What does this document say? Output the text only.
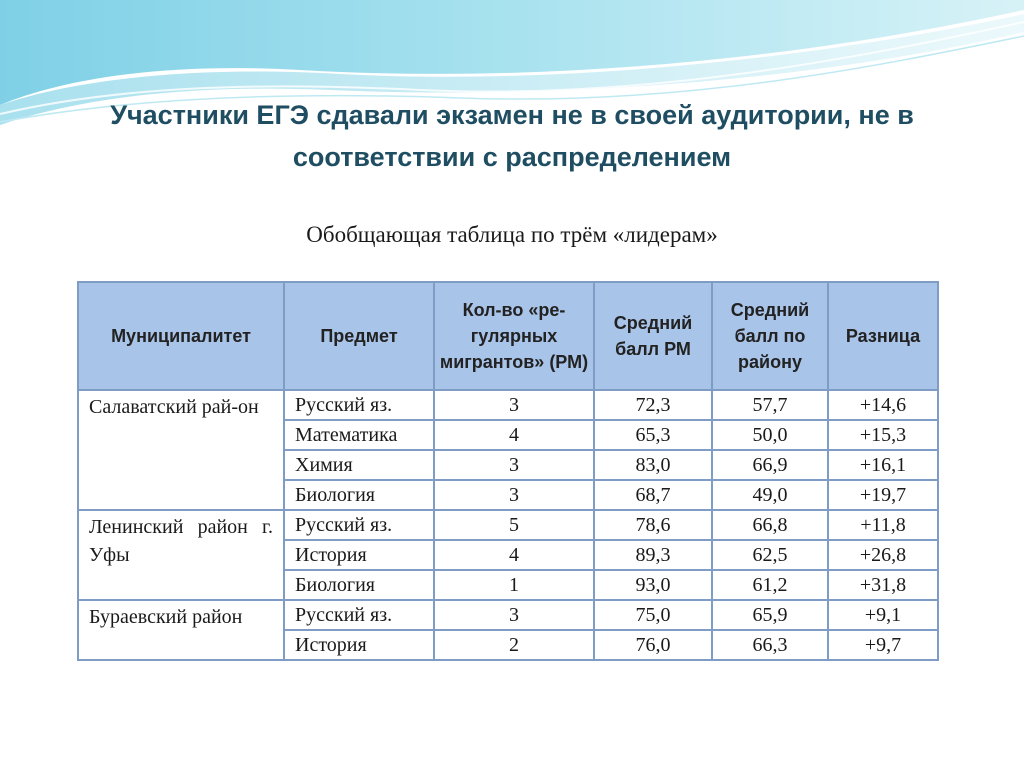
Участники ЕГЭ сдавали экзамен не в своей аудитории, не в
соответствии с распределением

Обобщающая таблица по трём «лидерам»

Муниципалитет	Предмет	Кол-во «ре-гулярных мигрантов» (РМ)	Средний балл РМ	Средний балл по району	Разница
Салаватский рай-он	Русский яз.	3	72,3	57,7	+14,6
	Математика	4	65,3	50,0	+15,3
	Химия	3	83,0	66,9	+16,1
	Биология	3	68,7	49,0	+19,7
Ленинский район г. Уфы	Русский яз.	5	78,6	66,8	+11,8
	История	4	89,3	62,5	+26,8
	Биология	1	93,0	61,2	+31,8
Бураевский район	Русский яз.	3	75,0	65,9	+9,1
	История	2	76,0	66,3	+9,7
